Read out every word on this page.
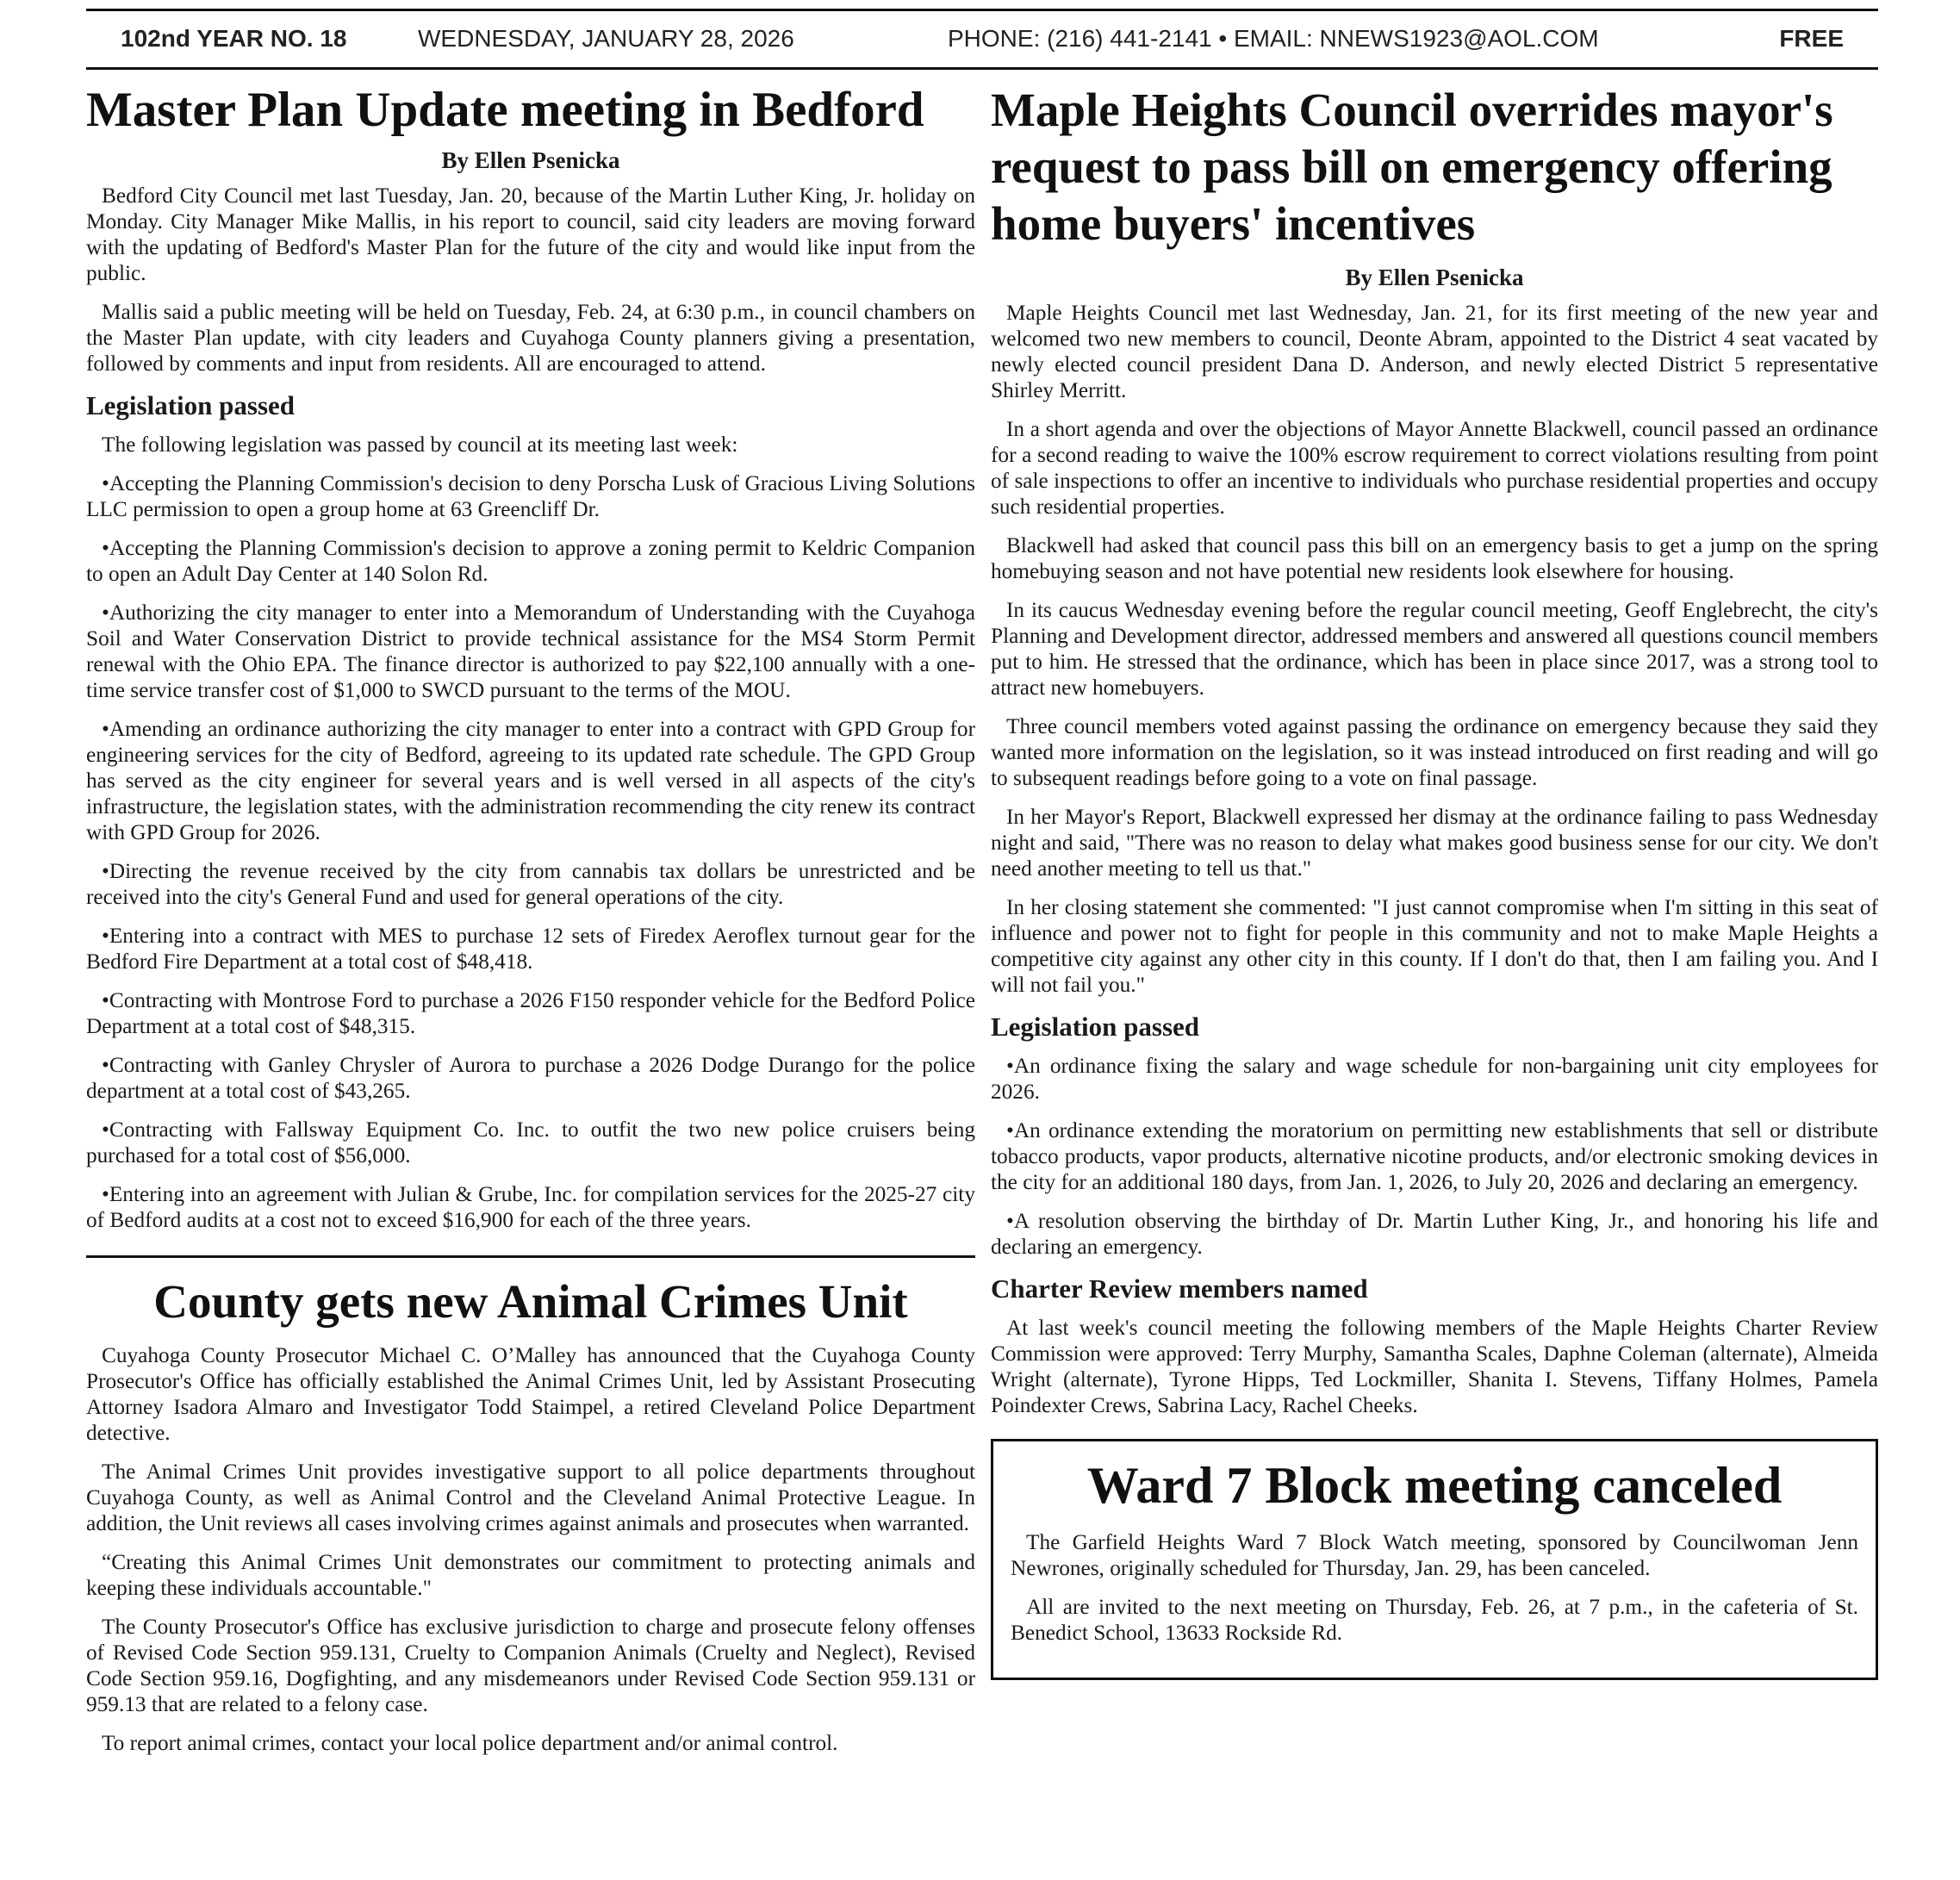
102nd YEAR NO. 18	WEDNESDAY, JANUARY 28, 2026	PHONE: (216) 441-2141 • EMAIL: NNEWS1923@AOL.COM	FREE
Master Plan Update meeting in Bedford
By Ellen Psenicka

Bedford City Council met last Tuesday, Jan. 20, because of the Martin Luther King, Jr. holiday on Monday. City Manager Mike Mallis, in his report to council, said city leaders are moving forward with the updating of Bedford's Master Plan for the future of the city and would like input from the public.

Mallis said a public meeting will be held on Tuesday, Feb. 24, at 6:30 p.m., in council chambers on the Master Plan update, with city leaders and Cuyahoga County planners giving a presentation, followed by comments and input from residents. All are encouraged to attend.

Legislation passed

The following legislation was passed by council at its meeting last week:

•Accepting the Planning Commission's decision to deny Porscha Lusk of Gracious Living Solutions LLC permission to open a group home at 63 Greencliff Dr.

•Accepting the Planning Commission's decision to approve a zoning permit to Keldric Companion to open an Adult Day Center at 140 Solon Rd.

•Authorizing the city manager to enter into a Memorandum of Understanding with the Cuyahoga Soil and Water Conservation District to provide technical assistance for the MS4 Storm Permit renewal with the Ohio EPA. The finance director is authorized to pay $22,100 annually with a one-time service transfer cost of $1,000 to SWCD pursuant to the terms of the MOU.

•Amending an ordinance authorizing the city manager to enter into a contract with GPD Group for engineering services for the city of Bedford, agreeing to its updated rate schedule. The GPD Group has served as the city engineer for several years and is well versed in all aspects of the city's infrastructure, the legislation states, with the administration recommending the city renew its contract with GPD Group for 2026.

•Directing the revenue received by the city from cannabis tax dollars be unrestricted and be received into the city's General Fund and used for general operations of the city.

•Entering into a contract with MES to purchase 12 sets of Firedex Aeroflex turnout gear for the Bedford Fire Department at a total cost of $48,418.

•Contracting with Montrose Ford to purchase a 2026 F150 responder vehicle for the Bedford Police Department at a total cost of $48,315.

•Contracting with Ganley Chrysler of Aurora to purchase a 2026 Dodge Durango for the police department at a total cost of $43,265.

•Contracting with Fallsway Equipment Co. Inc. to outfit the two new police cruisers being purchased for a total cost of $56,000.

•Entering into an agreement with Julian & Grube, Inc. for compilation services for the 2025-27 city of Bedford audits at a cost not to exceed $16,900 for each of the three years.

County gets new Animal Crimes Unit

Cuyahoga County Prosecutor Michael C. O’Malley has announced that the Cuyahoga County Prosecutor's Office has officially established the Animal Crimes Unit, led by Assistant Prosecuting Attorney Isadora Almaro and Investigator Todd Staimpel, a retired Cleveland Police Department detective.

The Animal Crimes Unit provides investigative support to all police departments throughout Cuyahoga County, as well as Animal Control and the Cleveland Animal Protective League. In addition, the Unit reviews all cases involving crimes against animals and prosecutes when warranted.

“Creating this Animal Crimes Unit demonstrates our commitment to protecting animals and keeping these individuals accountable."

The County Prosecutor's Office has exclusive jurisdiction to charge and prosecute felony offenses of Revised Code Section 959.131, Cruelty to Companion Animals (Cruelty and Neglect), Revised Code Section 959.16, Dogfighting, and any misdemeanors under Revised Code Section 959.131 or 959.13 that are related to a felony case.

To report animal crimes, contact your local police department and/or animal control.

Maple Heights Council overrides mayor's request to pass bill on emergency offering home buyers' incentives
By Ellen Psenicka

Maple Heights Council met last Wednesday, Jan. 21, for its first meeting of the new year and welcomed two new members to council, Deonte Abram, appointed to the District 4 seat vacated by newly elected council president Dana D. Anderson, and newly elected District 5 representative Shirley Merritt.

In a short agenda and over the objections of Mayor Annette Blackwell, council passed an ordinance for a second reading to waive the 100% escrow requirement to correct violations resulting from point of sale inspections to offer an incentive to individuals who purchase residential properties and occupy such residential properties.

Blackwell had asked that council pass this bill on an emergency basis to get a jump on the spring homebuying season and not have potential new residents look elsewhere for housing.

In its caucus Wednesday evening before the regular council meeting, Geoff Englebrecht, the city's Planning and Development director, addressed members and answered all questions council members put to him. He stressed that the ordinance, which has been in place since 2017, was a strong tool to attract new homebuyers.

Three council members voted against passing the ordinance on emergency because they said they wanted more information on the legislation, so it was instead introduced on first reading and will go to subsequent readings before going to a vote on final passage.

In her Mayor's Report, Blackwell expressed her dismay at the ordinance failing to pass Wednesday night and said, "There was no reason to delay what makes good business sense for our city. We don't need another meeting to tell us that."

In her closing statement she commented: "I just cannot compromise when I'm sitting in this seat of influence and power not to fight for people in this community and not to make Maple Heights a competitive city against any other city in this county. If I don't do that, then I am failing you. And I will not fail you."

Legislation passed

•An ordinance fixing the salary and wage schedule for non-bargaining unit city employees for 2026.

•An ordinance extending the moratorium on permitting new establishments that sell or distribute tobacco products, vapor products, alternative nicotine products, and/or electronic smoking devices in the city for an additional 180 days, from Jan. 1, 2026, to July 20, 2026 and declaring an emergency.

•A resolution observing the birthday of Dr. Martin Luther King, Jr., and honoring his life and declaring an emergency.

Charter Review members named

At last week's council meeting the following members of the Maple Heights Charter Review Commission were approved: Terry Murphy, Samantha Scales, Daphne Coleman (alternate), Almeida Wright (alternate), Tyrone Hipps, Ted Lockmiller, Shanita I. Stevens, Tiffany Holmes, Pamela Poindexter Crews, Sabrina Lacy, Rachel Cheeks.

Ward 7 Block meeting canceled

The Garfield Heights Ward 7 Block Watch meeting, sponsored by Councilwoman Jenn Newrones, originally scheduled for Thursday, Jan. 29, has been canceled.

All are invited to the next meeting on Thursday, Feb. 26, at 7 p.m., in the cafeteria of St. Benedict School, 13633 Rockside Rd.
